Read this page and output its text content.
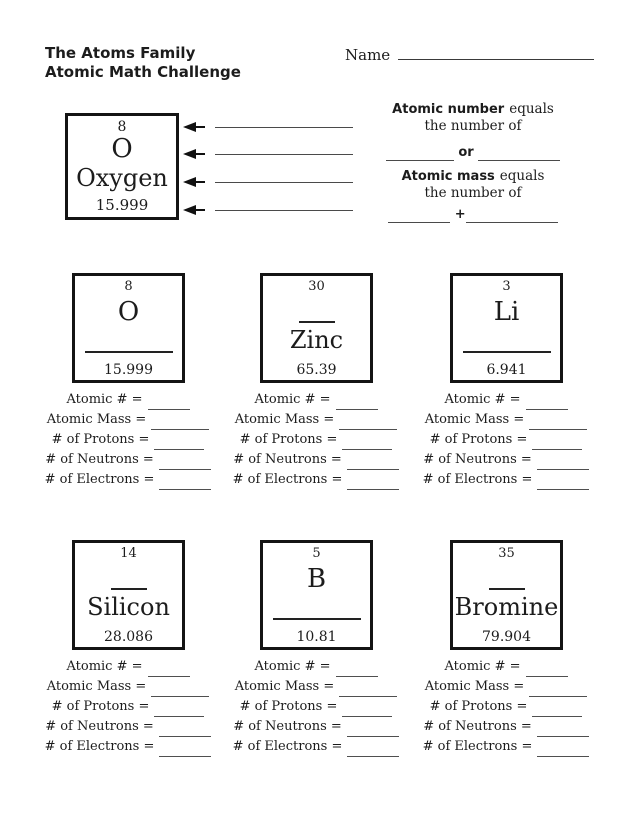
The Atoms Family
Atomic Math Challenge
Name
8
O
Oxygen
15.999
Atomic number equals
the number of
or
Atomic mass equals
the number of
+
8
O
15.999
30
Zinc
65.39
3
Li
6.941
Atomic # =
Atomic Mass =
# of Protons =
# of Neutrons =
# of Electrons =
Atomic # =
Atomic Mass =
# of Protons =
# of Neutrons =
# of Electrons =
Atomic # =
Atomic Mass =
# of Protons =
# of Neutrons =
# of Electrons =
14
Silicon
28.086
5
B
10.81
35
Bromine
79.904
Atomic # =
Atomic Mass =
# of Protons =
# of Neutrons =
# of Electrons =
Atomic # =
Atomic Mass =
# of Protons =
# of Neutrons =
# of Electrons =
Atomic # =
Atomic Mass =
# of Protons =
# of Neutrons =
# of Electrons =
